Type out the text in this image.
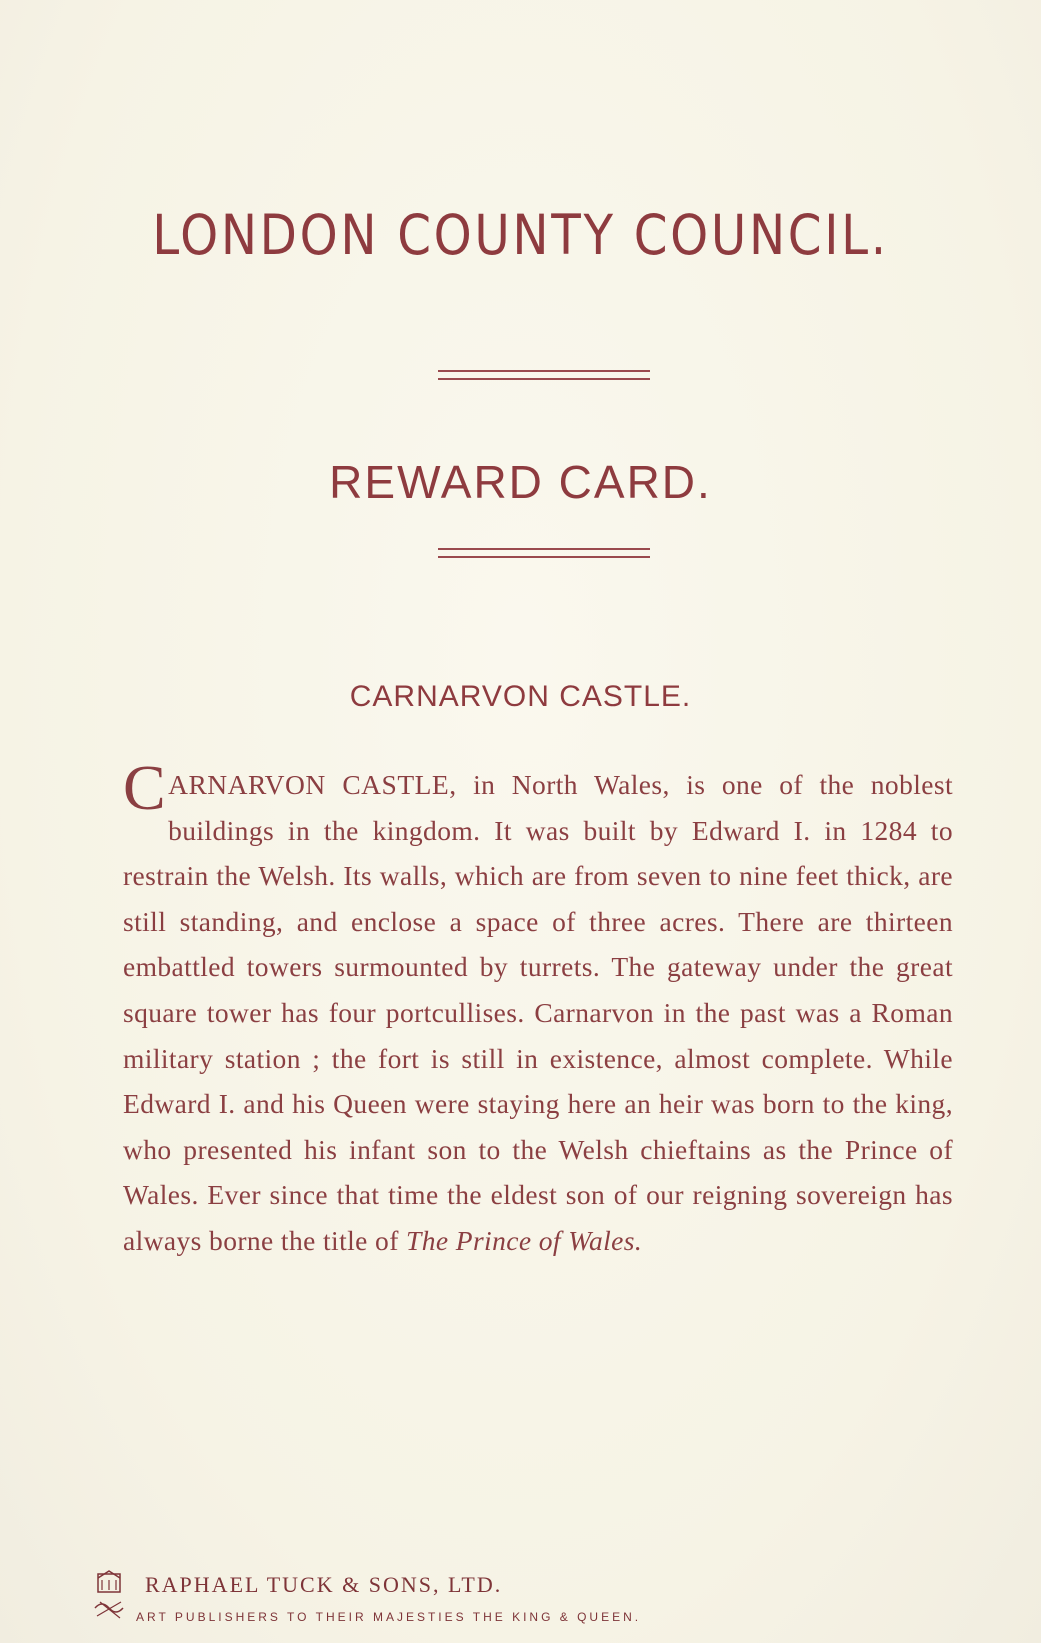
LONDON COUNTY COUNCIL.
REWARD CARD.
CARNARVON CASTLE.
CARNARVON CASTLE, in North Wales, is one of the noblest buildings in the kingdom. It was built by Edward I. in 1284 to restrain the Welsh. Its walls, which are from seven to nine feet thick, are still standing, and enclose a space of three acres. There are thirteen embattled towers surmounted by turrets. The gateway under the great square tower has four portcullises. Carnarvon in the past was a Roman military station ; the fort is still in existence, almost complete. While Edward I. and his Queen were staying here an heir was born to the king, who presented his infant son to the Welsh chieftains as the Prince of Wales. Ever since that time the eldest son of our reigning sovereign has always borne the title of The Prince of Wales.
RAPHAEL TUCK & SONS, LTD.
ART PUBLISHERS TO THEIR MAJESTIES THE KING & QUEEN.
